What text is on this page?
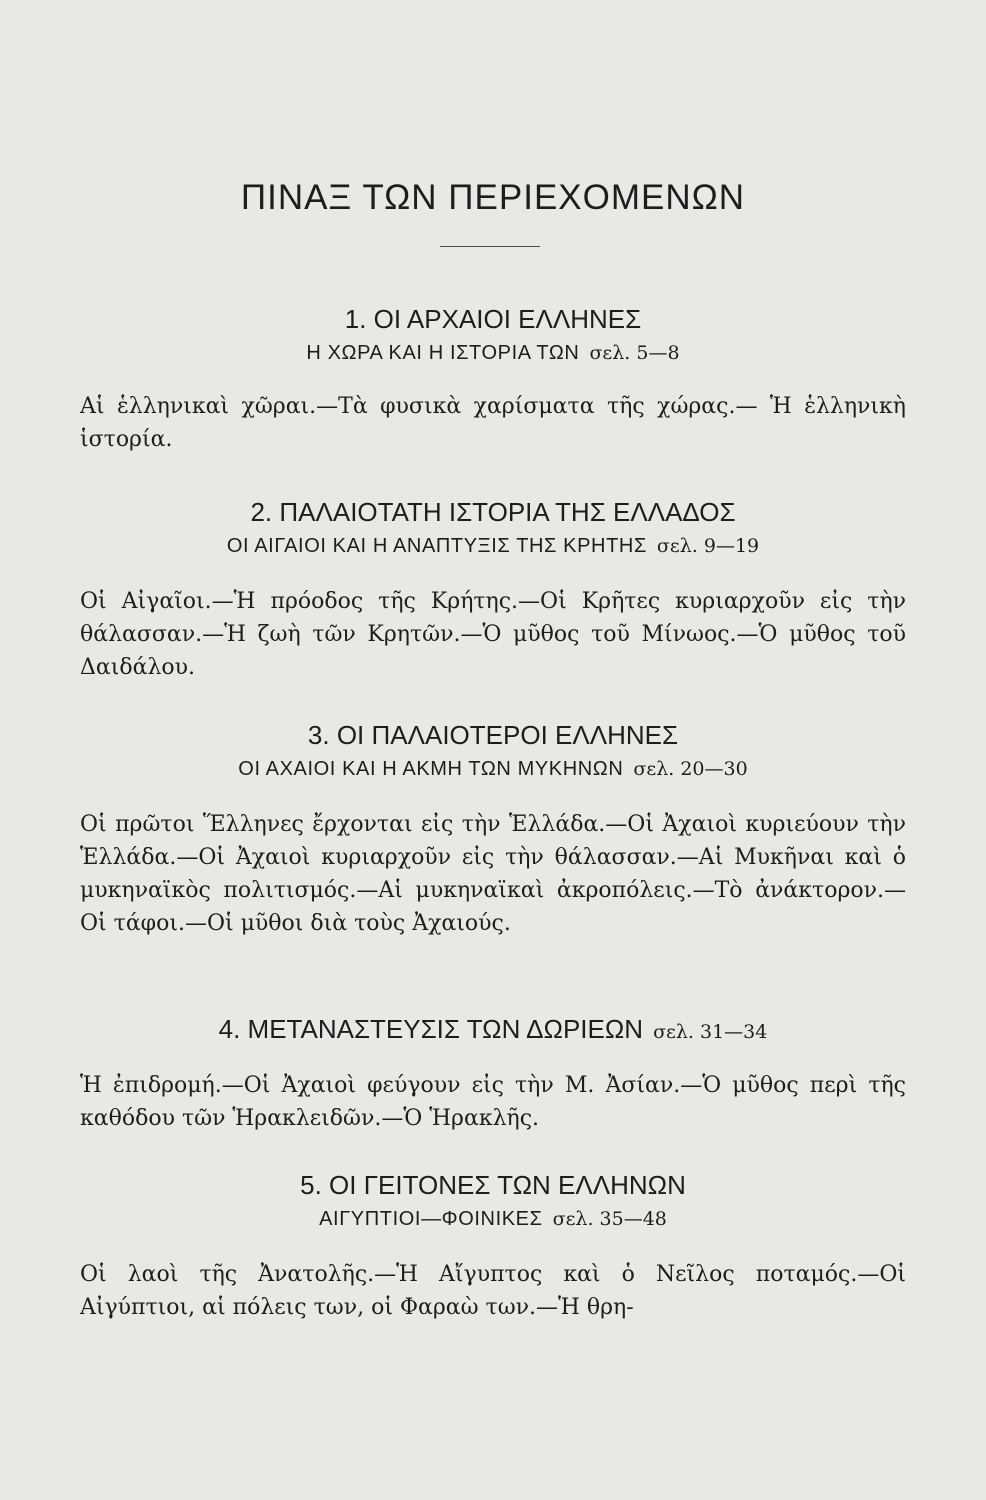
ΠΙΝΑΞ ΤΩΝ ΠΕΡΙΕΧΟΜΕΝΩΝ
1. ΟΙ ΑΡΧΑΙΟΙ ΕΛΛΗΝΕΣ
Η ΧΩΡΑ ΚΑΙ Η ΙΣΤΟΡΙΑ ΤΩΝ σελ. 5—8
Αἱ ἑλληνικαὶ χῶραι.—Τὰ φυσικὰ χαρίσματα τῆς χώρας.— Ἡ ἑλληνικὴ ἱστορία.
2. ΠΑΛΑΙΟΤΑΤΗ ΙΣΤΟΡΙΑ ΤΗΣ ΕΛΛΑΔΟΣ
ΟΙ ΑΙΓΑΙΟΙ ΚΑΙ Η ΑΝΑΠΤΥΞΙΣ ΤΗΣ ΚΡΗΤΗΣ σελ. 9—19
Οἱ Αἰγαῖοι.—Ἡ πρόοδος τῆς Κρήτης.—Οἱ Κρῆτες κυριαρχοῦν εἰς τὴν θάλασσαν.—Ἡ ζωὴ τῶν Κρητῶν.—Ὁ μῦθος τοῦ Μίνωος.—Ὁ μῦθος τοῦ Δαιδάλου.
3. ΟΙ ΠΑΛΑΙΟΤΕΡΟΙ ΕΛΛΗΝΕΣ
ΟΙ ΑΧΑΙΟΙ ΚΑΙ Η ΑΚΜΗ ΤΩΝ ΜΥΚΗΝΩΝ σελ. 20—30
Οἱ πρῶτοι Ἕλληνες ἔρχονται εἰς τὴν Ἑλλάδα.—Οἱ Ἀχαιοὶ κυριεύουν τὴν Ἑλλάδα.—Οἱ Ἀχαιοὶ κυριαρχοῦν εἰς τὴν θάλασσαν.—Αἱ Μυκῆναι καὶ ὁ μυκηναϊκὸς πολιτισμός.—Αἱ μυκηναϊκαὶ ἀκροπόλεις.—Τὸ ἀνάκτορον.—Οἱ τάφοι.—Οἱ μῦθοι διὰ τοὺς Ἀχαιούς.
4. ΜΕΤΑΝΑΣΤΕΥΣΙΣ ΤΩΝ ΔΩΡΙΕΩΝ σελ. 31—34
Ἡ ἐπιδρομή.—Οἱ Ἀχαιοὶ φεύγουν εἰς τὴν Μ. Ἀσίαν.—Ὁ μῦθος περὶ τῆς καθόδου τῶν Ἡρακλειδῶν.—Ὁ Ἡρακλῆς.
5. ΟΙ ΓΕΙΤΟΝΕΣ ΤΩΝ ΕΛΛΗΝΩΝ
ΑΙΓΥΠΤΙΟΙ—ΦΟΙΝΙΚΕΣ σελ. 35—48
Οἱ λαοὶ τῆς Ἀνατολῆς.—Ἡ Αἴγυπτος καὶ ὁ Νεῖλος ποταμός.—Οἱ Αἰγύπτιοι, αἱ πόλεις των, οἱ Φαραὼ των.—Ἡ θρη-
